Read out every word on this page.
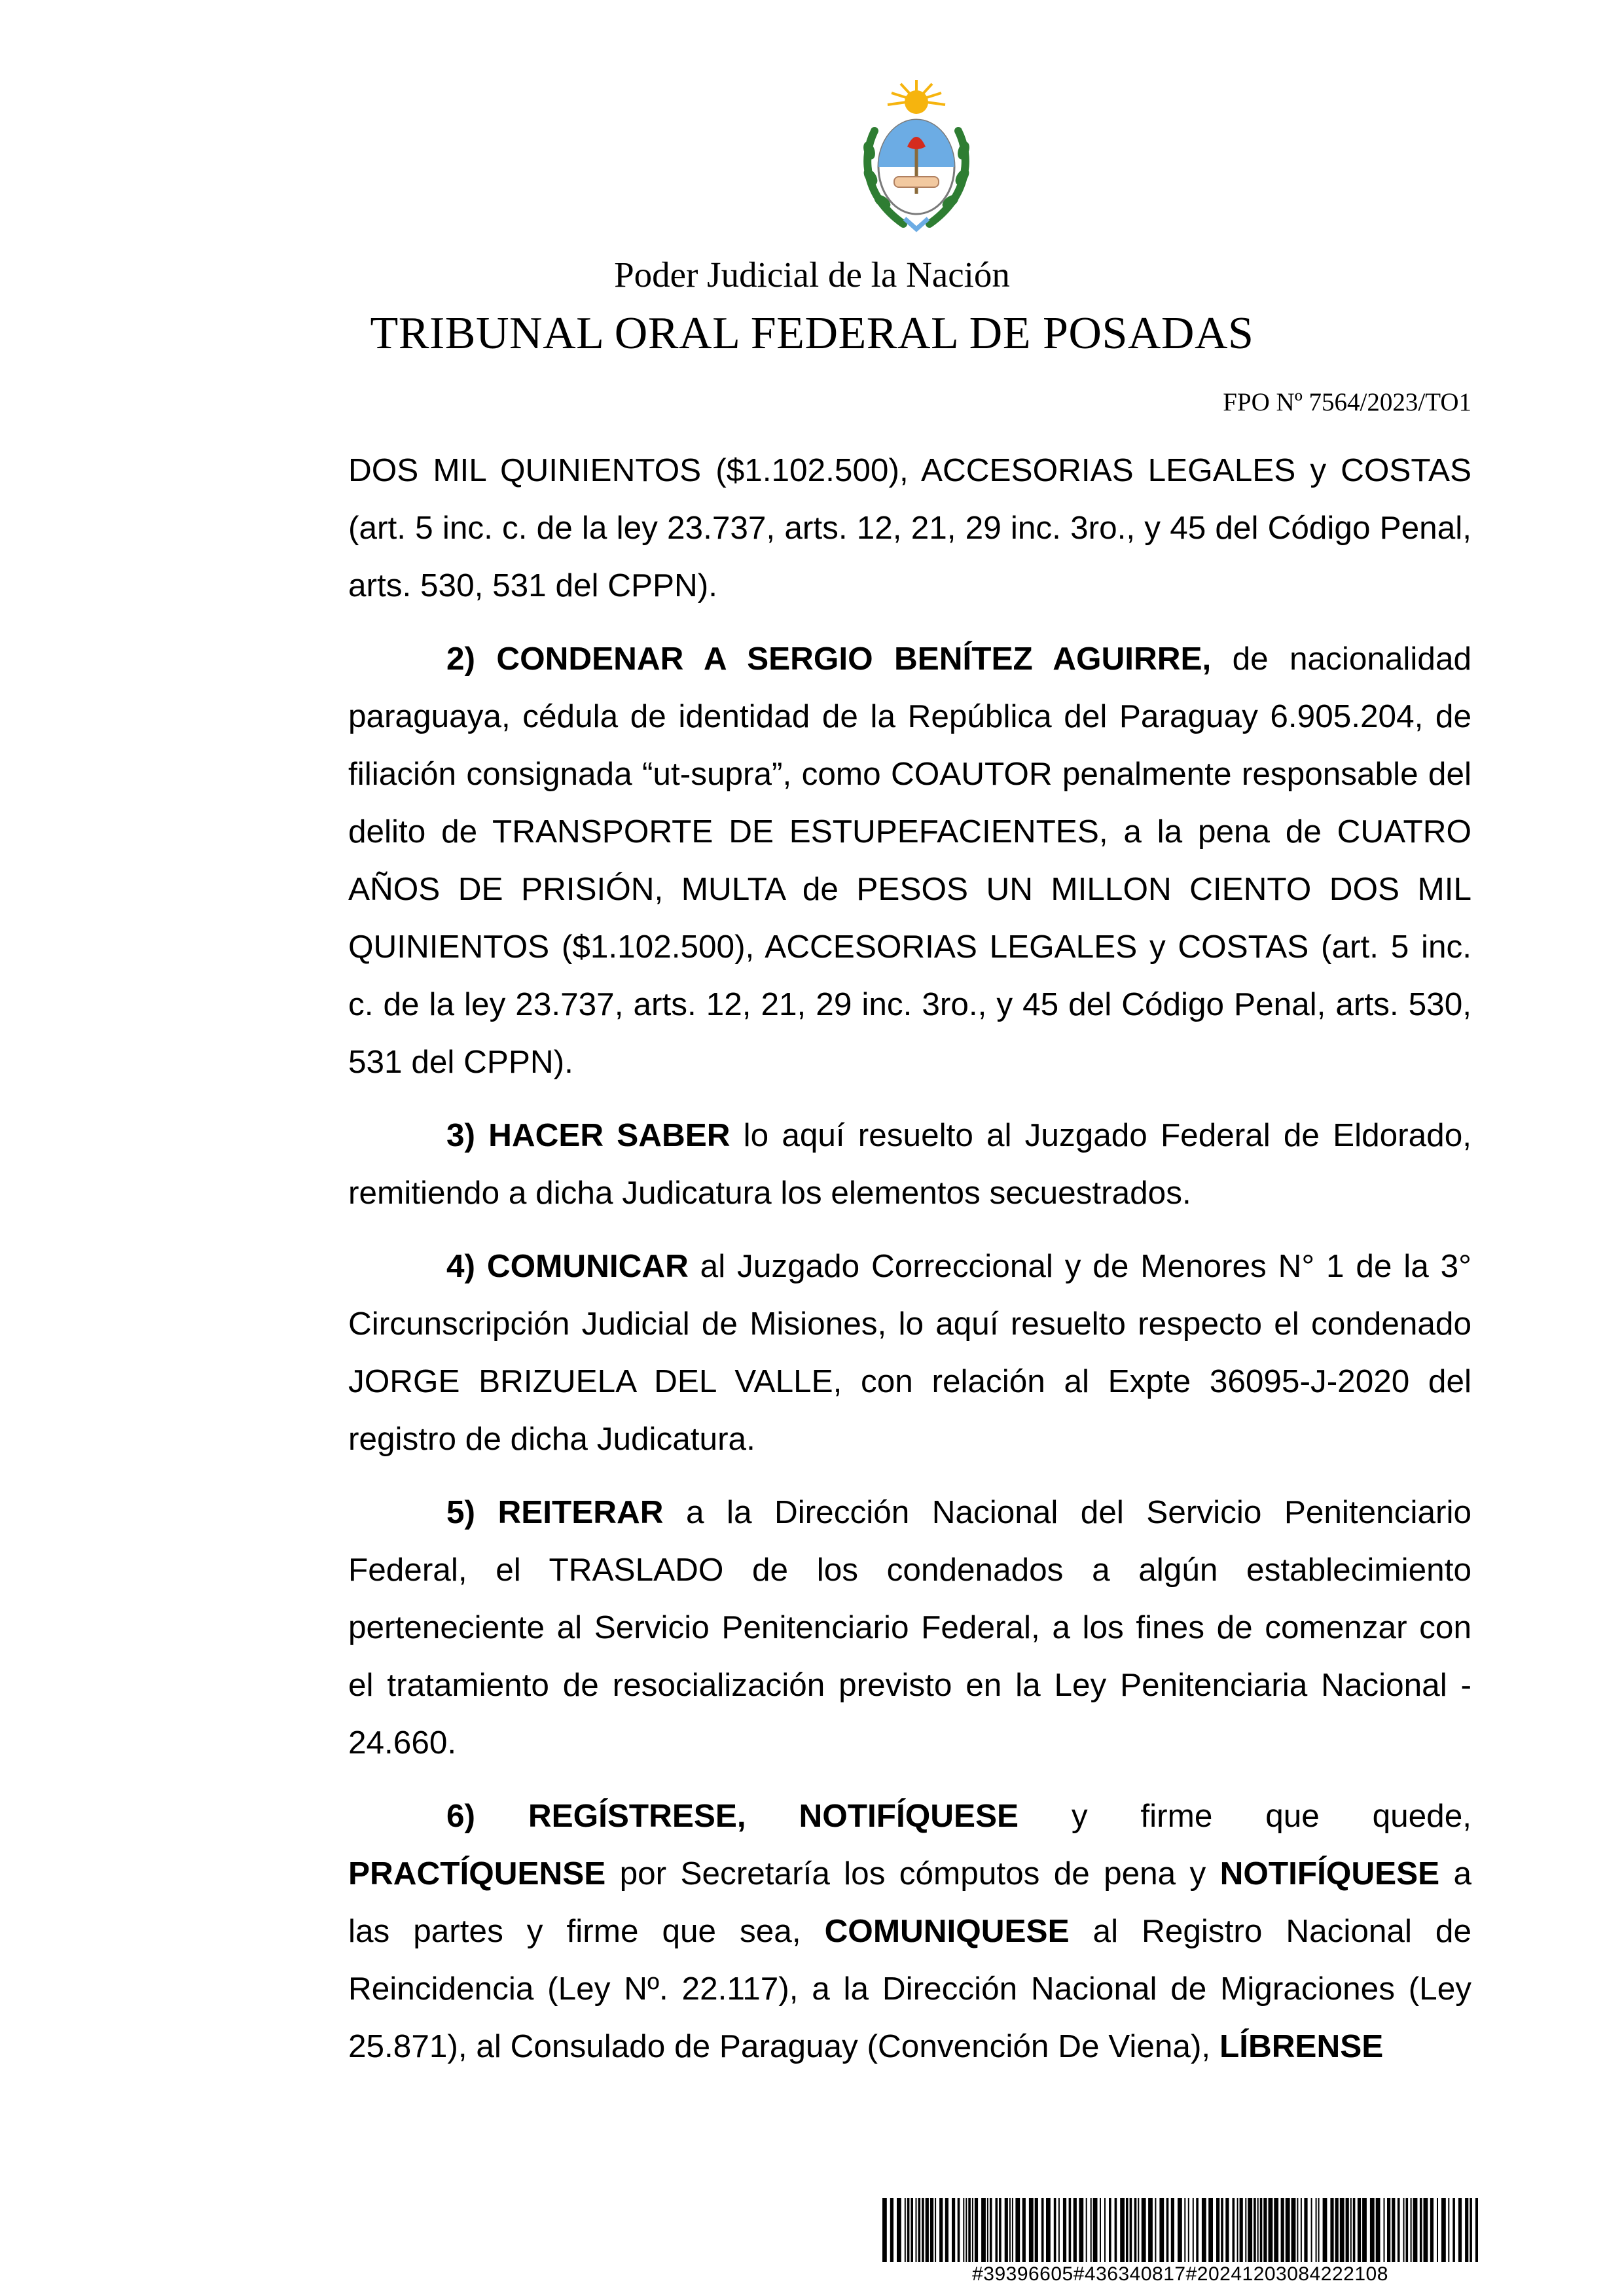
Poder Judicial de la Nación
TRIBUNAL ORAL FEDERAL DE POSADAS
FPO Nº 7564/2023/TO1

DOS MIL QUINIENTOS ($1.102.500), ACCESORIAS LEGALES y COSTAS (art. 5 inc. c. de la ley 23.737, arts. 12, 21, 29 inc. 3ro., y 45 del Código Penal, arts. 530, 531 del CPPN).

2) CONDENAR A SERGIO BENÍTEZ AGUIRRE, de nacionalidad paraguaya, cédula de identidad de la República del Paraguay 6.905.204, de filiación consignada “ut-supra”, como COAUTOR penalmente responsable del delito de TRANSPORTE DE ESTUPEFACIENTES, a la pena de CUATRO AÑOS DE PRISIÓN, MULTA de PESOS UN MILLON CIENTO DOS MIL QUINIENTOS ($1.102.500), ACCESORIAS LEGALES y COSTAS (art. 5 inc. c. de la ley 23.737, arts. 12, 21, 29 inc. 3ro., y 45 del Código Penal, arts. 530, 531 del CPPN).

3) HACER SABER lo aquí resuelto al Juzgado Federal de Eldorado, remitiendo a dicha Judicatura los elementos secuestrados.

4) COMUNICAR al Juzgado Correccional y de Menores N° 1 de la 3° Circunscripción Judicial de Misiones, lo aquí resuelto respecto el condenado JORGE BRIZUELA DEL VALLE, con relación al Expte 36095-J-2020 del registro de dicha Judicatura.

5) REITERAR a la Dirección Nacional del Servicio Penitenciario Federal, el TRASLADO de los condenados a algún establecimiento perteneciente al Servicio Penitenciario Federal, a los fines de comenzar con el tratamiento de resocialización previsto en la Ley Penitenciaria Nacional - 24.660.

6) REGÍSTRESE, NOTIFÍQUESE y firme que quede, PRACTÍQUENSE por Secretaría los cómputos de pena y NOTIFÍQUESE a las partes y firme que sea, COMUNIQUESE al Registro Nacional de Reincidencia (Ley Nº. 22.117), a la Dirección Nacional de Migraciones (Ley 25.871), al Consulado de Paraguay (Convención De Viena), LÍBRENSE

#39396605#436340817#20241203084222108
